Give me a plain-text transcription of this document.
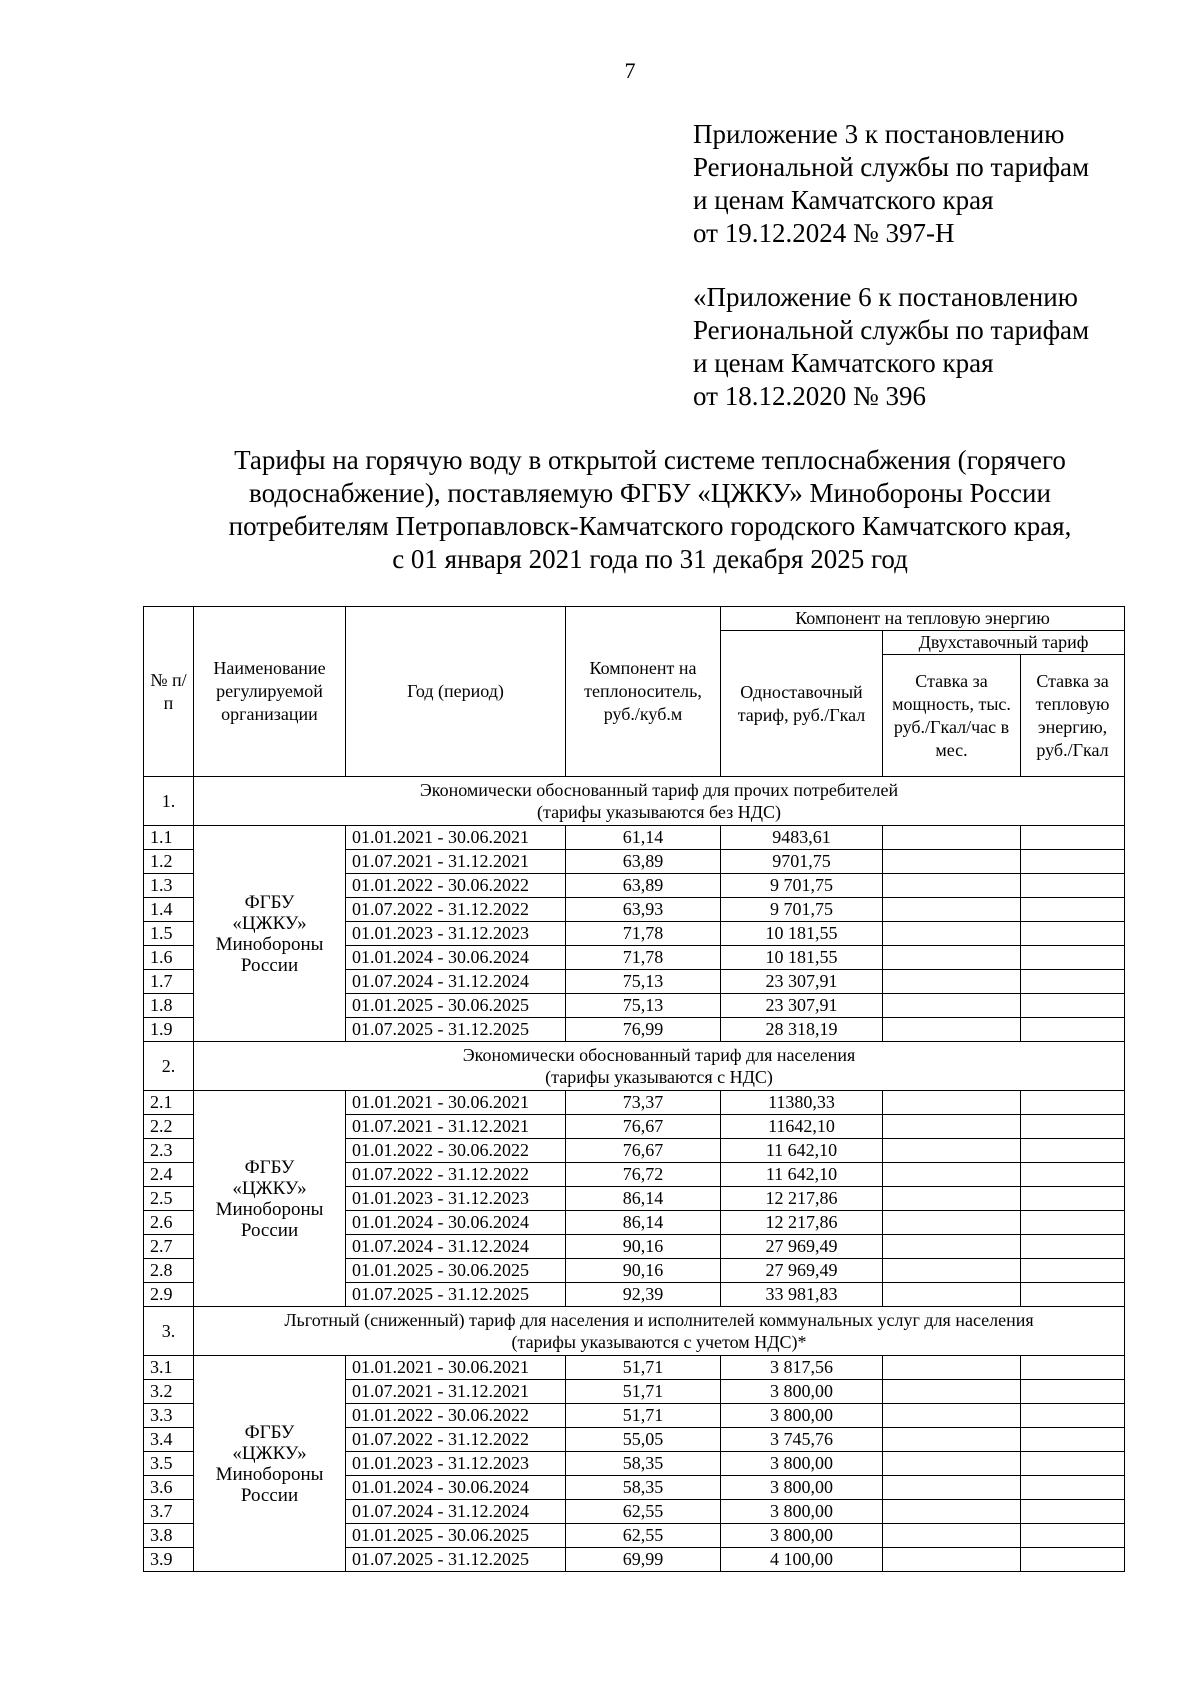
7
Приложение 3 к постановлению
Региональной службы по тарифам
и ценам Камчатского края
от 19.12.2024 № 397-Н
«Приложение 6 к постановлению
Региональной службы по тарифам
и ценам Камчатского края
от 18.12.2020 № 396
Тарифы на горячую воду в открытой системе теплоснабжения (горячего
водоснабжение), поставляемую ФГБУ «ЦЖКУ» Минобороны России
потребителям Петропавловск-Камчатского городского Камчатского края,
с 01 января 2021 года по 31 декабря 2025 год
№ п/п	Наименование регулируемой организации	Год (период)	Компонент на теплоноситель, руб./куб.м	Компонент на тепловую энергию		
				Одноставочный тариф, руб./Гкал	Двухставочный тариф	
					Ставка за мощность, тыс. руб./Гкал/час в мес.	Ставка за тепловую энергию, руб./Гкал
1.	Экономически обоснованный тариф для прочих потребителей
(тарифы указываются без НДС)					

1.1	ФГБУ
«ЦЖКУ»
Минобороны
России	01.01.2021 - 30.06.2021	61,14	9483,61		
1.2		01.07.2021 - 31.12.2021	63,89	9701,75		
1.3		01.01.2022 - 30.06.2022	63,89	9 701,75		
1.4		01.07.2022 - 31.12.2022	63,93	9 701,75		
1.5		01.01.2023 - 31.12.2023	71,78	10 181,55		
1.6		01.01.2024 - 30.06.2024	71,78	10 181,55		
1.7		01.07.2024 - 31.12.2024	75,13	23 307,91		
1.8		01.01.2025 - 30.06.2025	75,13	23 307,91		
1.9		01.07.2025 - 31.12.2025	76,99	28 318,19		
2.	Экономически обоснованный тариф для населения
(тарифы указываются с НДС)					

2.1	ФГБУ
«ЦЖКУ»
Минобороны
России	01.01.2021 - 30.06.2021	73,37	11380,33		
2.2		01.07.2021 - 31.12.2021	76,67	11642,10		
2.3		01.01.2022 - 30.06.2022	76,67	11 642,10		
2.4		01.07.2022 - 31.12.2022	76,72	11 642,10		
2.5		01.01.2023 - 31.12.2023	86,14	12 217,86		
2.6		01.01.2024 - 30.06.2024	86,14	12 217,86		
2.7		01.07.2024 - 31.12.2024	90,16	27 969,49		
2.8		01.01.2025 - 30.06.2025	90,16	27 969,49		
2.9		01.07.2025 - 31.12.2025	92,39	33 981,83		
3.	Льготный (сниженный) тариф для населения и исполнителей коммунальных услуг для населения
(тарифы указываются с учетом НДС)*					

3.1	ФГБУ
«ЦЖКУ»
Минобороны
России	01.01.2021 - 30.06.2021	51,71	3 817,56		
3.2		01.07.2021 - 31.12.2021	51,71	3 800,00		
3.3		01.01.2022 - 30.06.2022	51,71	3 800,00		
3.4		01.07.2022 - 31.12.2022	55,05	3 745,76		
3.5		01.01.2023 - 31.12.2023	58,35	3 800,00		
3.6		01.01.2024 - 30.06.2024	58,35	3 800,00		
3.7		01.07.2024 - 31.12.2024	62,55	3 800,00		
3.8		01.01.2025 - 30.06.2025	62,55	3 800,00		
3.9		01.07.2025 - 31.12.2025	69,99	4 100,00		
